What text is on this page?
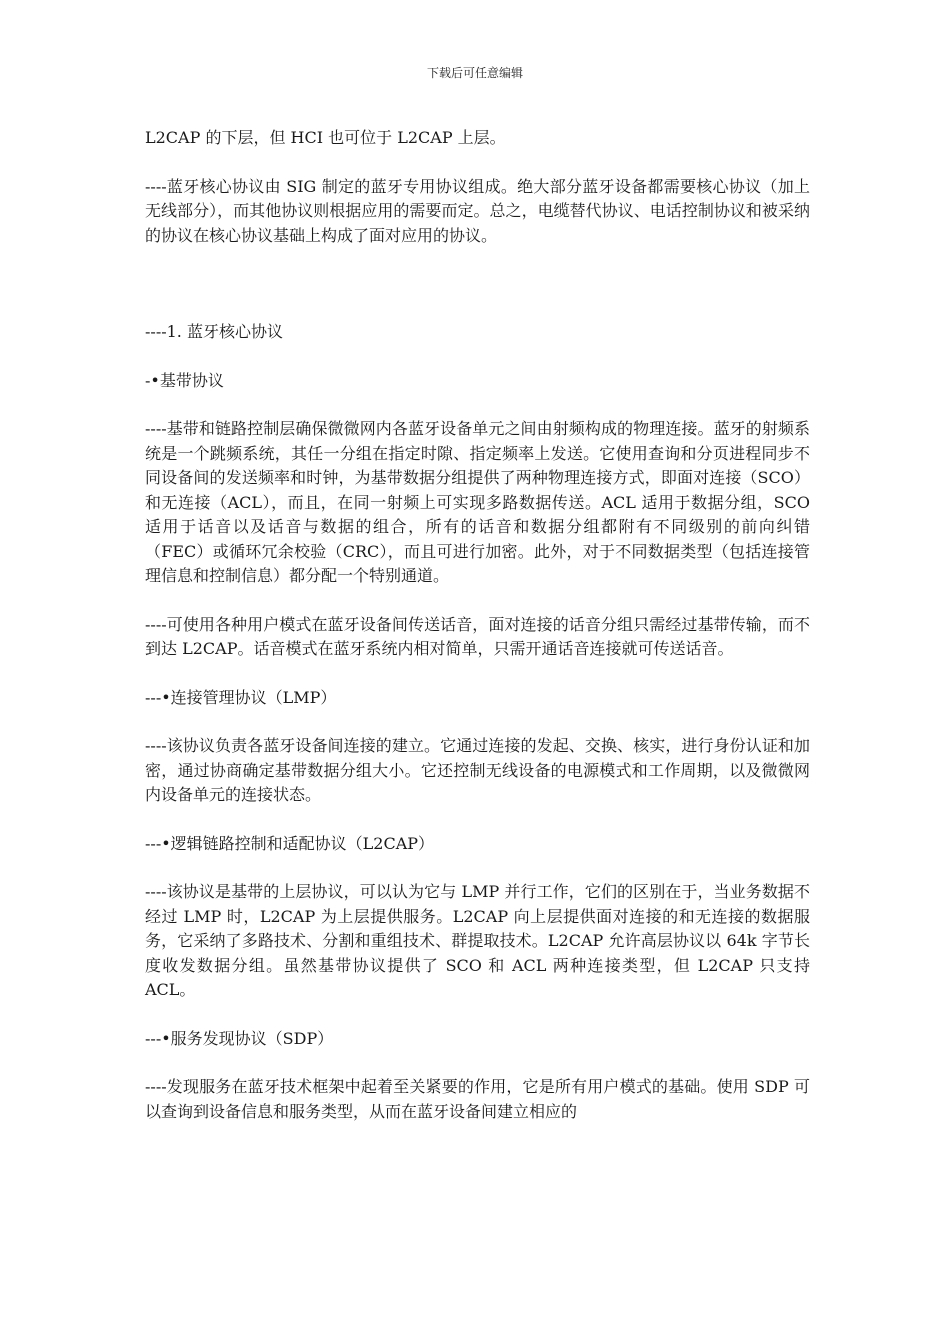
下载后可任意编辑

L2CAP 的下层，但 HCI 也可位于 L2CAP 上层。

----蓝牙核心协议由 SIG 制定的蓝牙专用协议组成。绝大部分蓝牙设备都需要核心协议（加上无线部分），而其他协议则根据应用的需要而定。总之，电缆替代协议、电话控制协议和被采纳的协议在核心协议基础上构成了面对应用的协议。

----1. 蓝牙核心协议

-•基带协议

----基带和链路控制层确保微微网内各蓝牙设备单元之间由射频构成的物理连接。蓝牙的射频系统是一个跳频系统，其任一分组在指定时隙、指定频率上发送。它使用查询和分页进程同步不同设备间的发送频率和时钟，为基带数据分组提供了两种物理连接方式，即面对连接（SCO）和无连接（ACL），而且，在同一射频上可实现多路数据传送。ACL 适用于数据分组，SCO 适用于话音以及话音与数据的组合，所有的话音和数据分组都附有不同级别的前向纠错（FEC）或循环冗余校验（CRC），而且可进行加密。此外，对于不同数据类型（包括连接管理信息和控制信息）都分配一个特别通道。

----可使用各种用户模式在蓝牙设备间传送话音，面对连接的话音分组只需经过基带传输，而不到达 L2CAP。话音模式在蓝牙系统内相对简单，只需开通话音连接就可传送话音。

---•连接管理协议（LMP）

----该协议负责各蓝牙设备间连接的建立。它通过连接的发起、交换、核实，进行身份认证和加密，通过协商确定基带数据分组大小。它还控制无线设备的电源模式和工作周期，以及微微网内设备单元的连接状态。

---•逻辑链路控制和适配协议（L2CAP）

----该协议是基带的上层协议，可以认为它与 LMP 并行工作，它们的区别在于，当业务数据不经过 LMP 时，L2CAP 为上层提供服务。L2CAP 向上层提供面对连接的和无连接的数据服务，它采纳了多路技术、分割和重组技术、群提取技术。L2CAP 允许高层协议以 64k 字节长度收发数据分组。虽然基带协议提供了 SCO 和 ACL 两种连接类型，但 L2CAP 只支持 ACL。

---•服务发现协议（SDP）

----发现服务在蓝牙技术框架中起着至关紧要的作用，它是所有用户模式的基础。使用 SDP 可以查询到设备信息和服务类型，从而在蓝牙设备间建立相应的
